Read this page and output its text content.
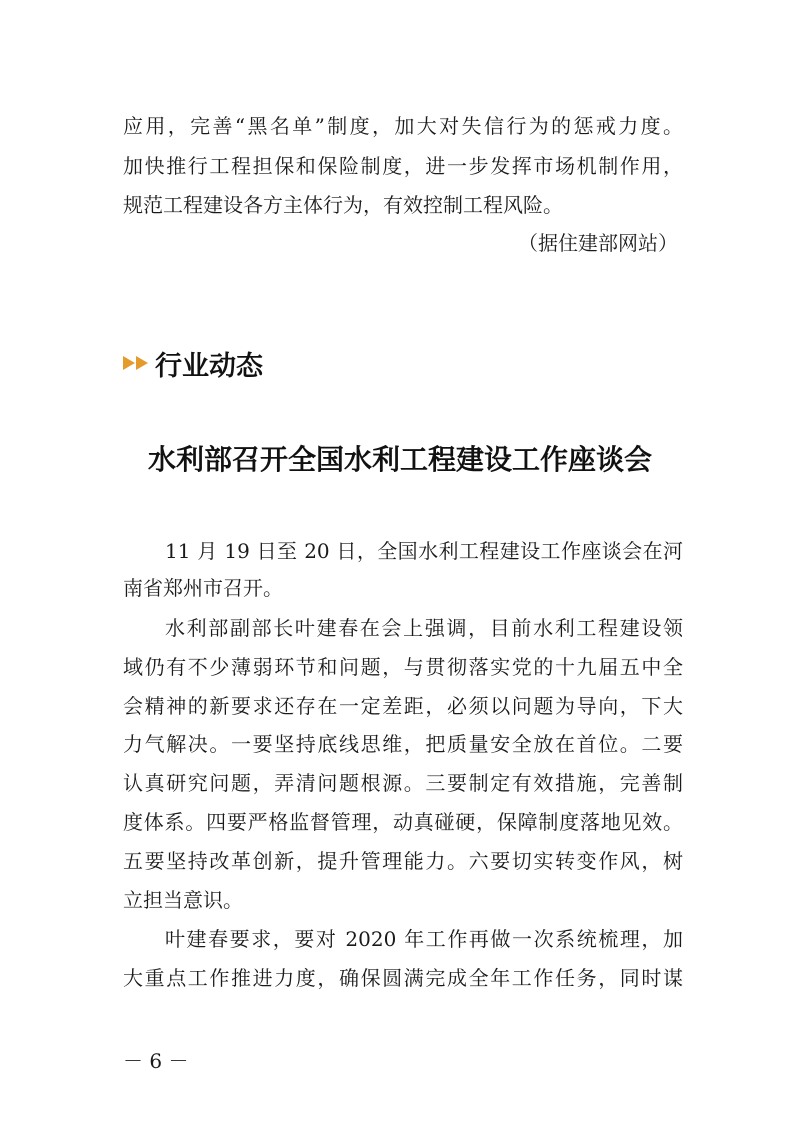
应用，完善“黑名单”制度，加大对失信行为的惩戒力度。
加快推行工程担保和保险制度，进一步发挥市场机制作用，
规范工程建设各方主体行为，有效控制工程风险。
（据住建部网站）
行业动态
水利部召开全国水利工程建设工作座谈会
11 月 19 日至 20 日，全国水利工程建设工作座谈会在河
南省郑州市召开。
水利部副部长叶建春在会上强调，目前水利工程建设领
域仍有不少薄弱环节和问题，与贯彻落实党的十九届五中全
会精神的新要求还存在一定差距，必须以问题为导向，下大
力气解决。一要坚持底线思维，把质量安全放在首位。二要
认真研究问题，弄清问题根源。三要制定有效措施，完善制
度体系。四要严格监督管理，动真碰硬，保障制度落地见效。
五要坚持改革创新，提升管理能力。六要切实转变作风，树
立担当意识。
叶建春要求，要对 2020 年工作再做一次系统梳理，加
大重点工作推进力度，确保圆满完成全年工作任务，同时谋
－ 6 －
